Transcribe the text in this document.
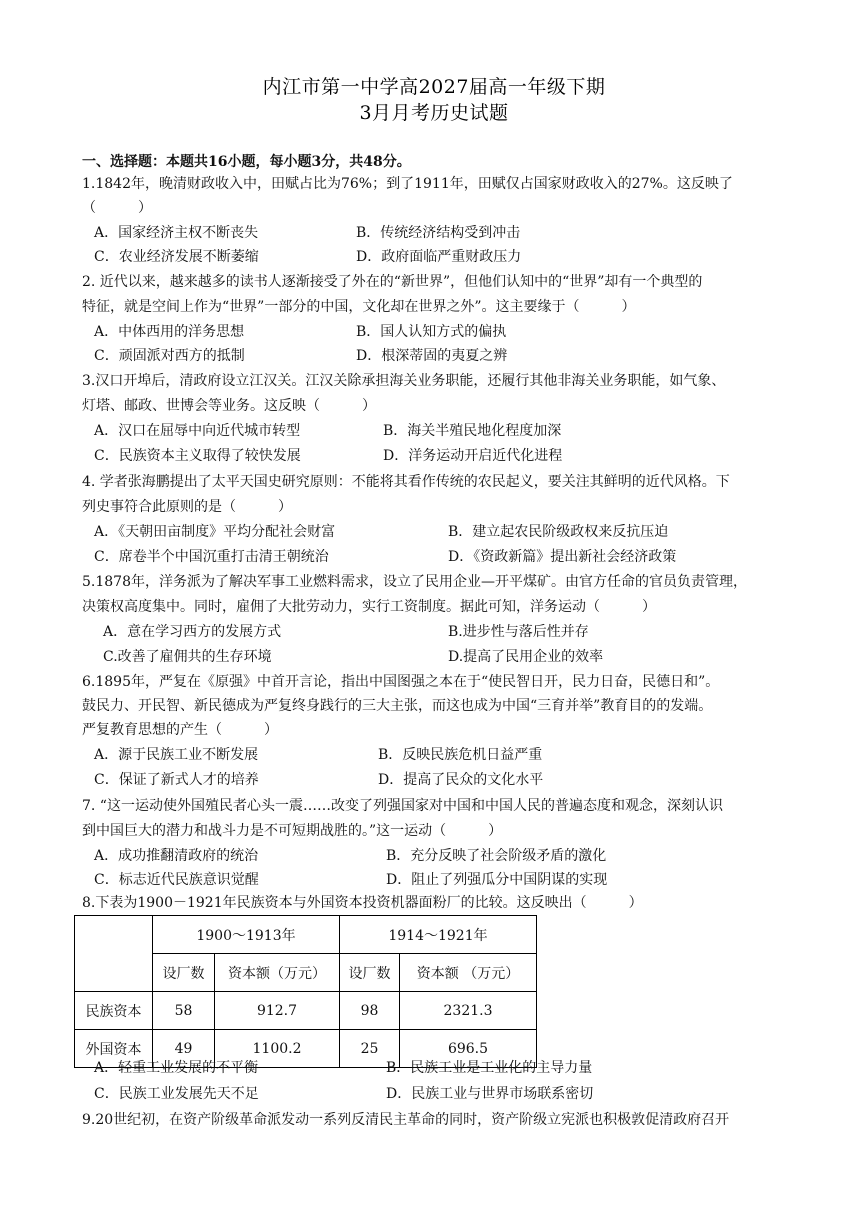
内江市第一中学高2027届高一年级下期
3月月考历史试题
一、选择题：本题共16小题，每小题3分，共48分。
1.1842年，晚清财政收入中，田赋占比为76%；到了1911年，田赋仅占国家财政收入的27%。这反映了
（　　　）
A．国家经济主权不断丧失	B．传统经济结构受到冲击
C．农业经济发展不断萎缩	D．政府面临严重财政压力
2. 近代以来，越来越多的读书人逐渐接受了外在的“新世界”，但他们认知中的“世界”却有一个典型的
特征，就是空间上作为“世界”一部分的中国，文化却在世界之外”。这主要缘于（　　　）
A．中体西用的洋务思想	B．国人认知方式的偏执
C．顽固派对西方的抵制	D．根深蒂固的夷夏之辨
3.汉口开埠后，清政府设立江汉关。江汉关除承担海关业务职能，还履行其他非海关业务职能，如气象、
灯塔、邮政、世博会等业务。这反映（　　　）
A．汉口在屈辱中向近代城市转型	B．海关半殖民地化程度加深
C．民族资本主义取得了较快发展	D．洋务运动开启近代化进程
4. 学者张海鹏提出了太平天国史研究原则：不能将其看作传统的农民起义，要关注其鲜明的近代风格。下
列史事符合此原则的是（　　　）
A．《天朝田亩制度》平均分配社会财富	B．建立起农民阶级政权来反抗压迫
C．席卷半个中国沉重打击清王朝统治	D．《资政新篇》提出新社会经济政策
5.1878年，洋务派为了解决军事工业燃料需求，设立了民用企业—开平煤矿。由官方任命的官员负责管理，
决策权高度集中。同时，雇佣了大批劳动力，实行工资制度。据此可知，洋务运动（　　　）
A．意在学习西方的发展方式	B.进步性与落后性并存
C.改善了雇佣共的生存环境	D.提高了民用企业的效率
6.1895年，严复在《原强》中首开言论，指出中国图强之本在于“使民智日开，民力日奋，民德日和”。
鼓民力、开民智、新民德成为严复终身践行的三大主张，而这也成为中国“三育并举”教育目的的发端。
严复教育思想的产生（　　　）
A．源于民族工业不断发展	B．反映民族危机日益严重
C．保证了新式人才的培养	D．提高了民众的文化水平
7. “这一运动使外国殖民者心头一震……改变了列强国家对中国和中国人民的普遍态度和观念，深刻认识
到中国巨大的潜力和战斗力是不可短期战胜的。”这一运动（　　　）
A．成功推翻清政府的统治	B．充分反映了社会阶级矛盾的激化
C．标志近代民族意识觉醒	D．阻止了列强瓜分中国阴谋的实现
8.下表为1900－1921年民族资本与外国资本投资机器面粉厂的比较。这反映出（　　　）
	1900～1913年		1914～1921年	
	设厂数	资本额（万元）	设厂数	资本额 （万元）
民族资本	58	912.7	98	2321.3
外国资本	49	1100.2	25	696.5
A．轻重工业发展的不平衡	B．民族工业是工业化的主导力量
C．民族工业发展先天不足	D．民族工业与世界市场联系密切
9.20世纪初，在资产阶级革命派发动一系列反清民主革命的同时，资产阶级立宪派也积极敦促清政府召开
